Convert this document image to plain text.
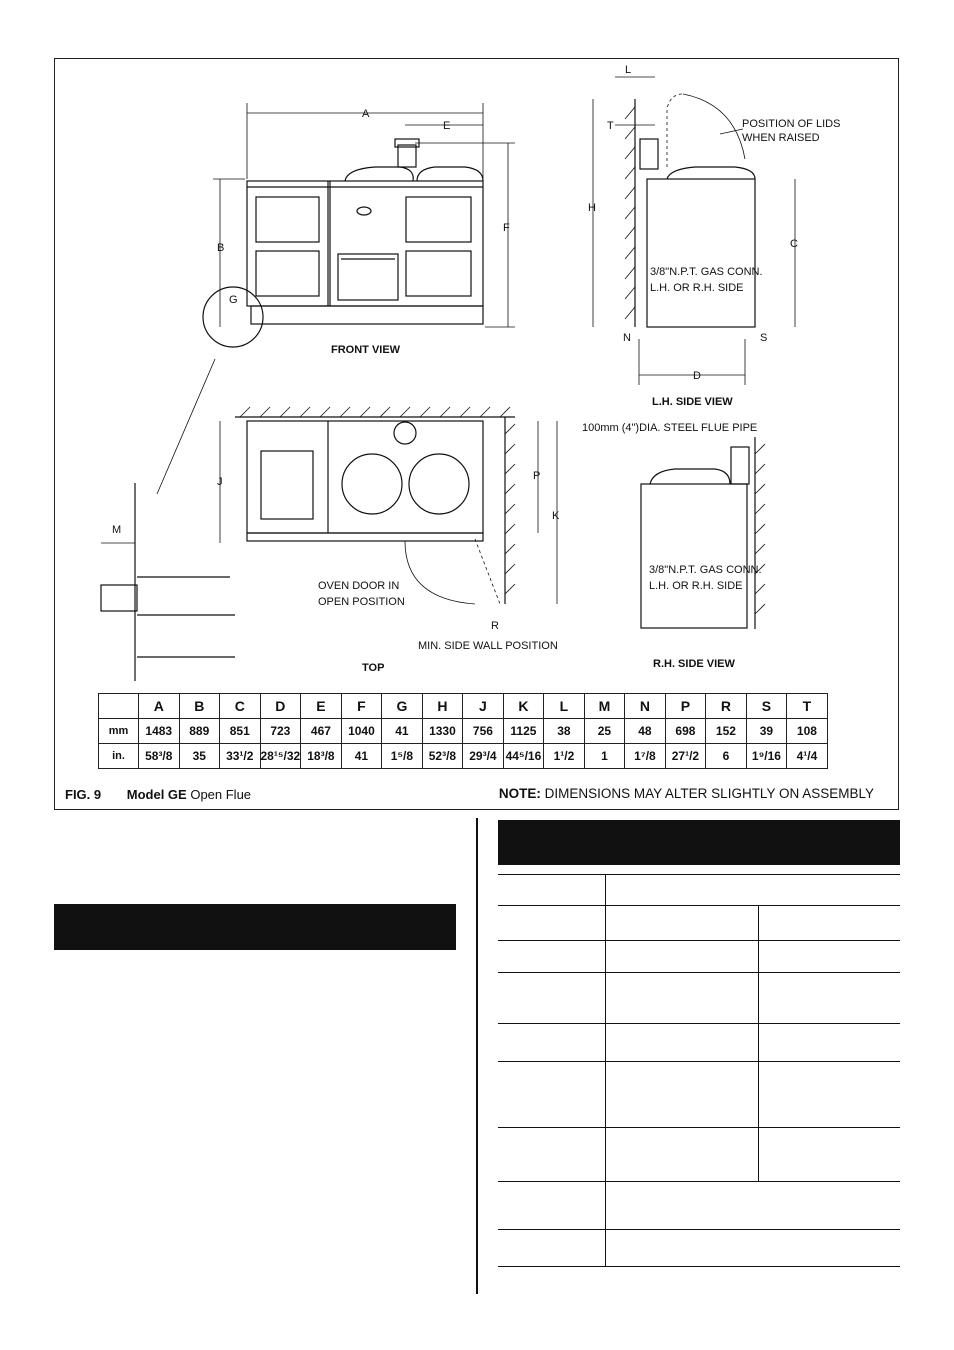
A
E
F
B
G
FRONT VIEW
L
T
H
POSITION OF LIDS
WHEN RAISED
3/8"N.P.T. GAS CONN.
L.H. OR R.H. SIDE
C
N	S
D
L.H. SIDE VIEW
J	P
K
R
OVEN DOOR IN
OPEN POSITION
MIN. SIDE WALL POSITION
TOP
M
100mm (4")DIA. STEEL FLUE PIPE
3/8"N.P.T. GAS CONN.
L.H. OR R.H. SIDE
R.H. SIDE VIEW
	A	B	C	D	E	F	G	H	J	K	L	M	N	P	R	S	T
mm	1483	889	851	723	467	1040	41	1330	756	1125	38	25	48	698	152	39	108
in.	58³/8	35	33¹/2	28¹⁵/32	18³/8	41	1⁵/8	52³/8	29³/4	44⁵/16	1¹/2	1	1⁷/8	27¹/2	6	1⁹/16	4¹/4
FIG. 9 Model GE Open Flue	NOTE: DIMENSIONS MAY ALTER SLIGHTLY ON ASSEMBLY
